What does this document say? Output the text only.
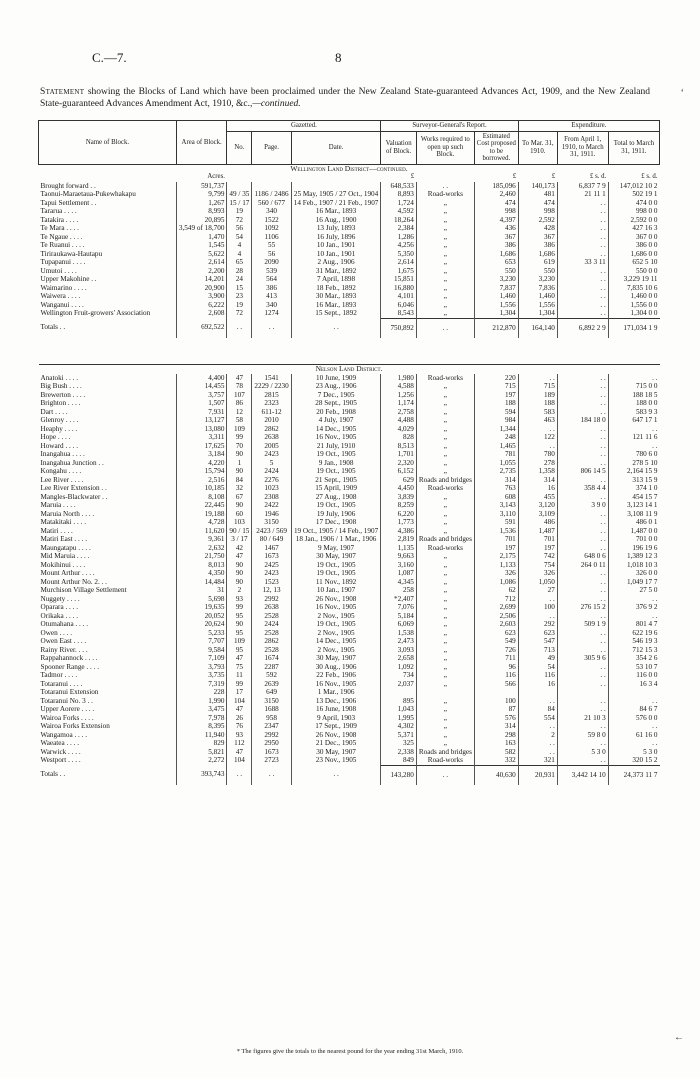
C.—7.	8
‘
Statement showing the Blocks of Land which have been proclaimed under the New Zealand State-guaranteed Advances Act, 1909, and the New Zealand State-guaranteed Advances Amendment Act, 1910, &c.,—continued.
Name of Block.	Area of Block.	Gazetted.			Surveyor-General's Report.			Expenditure.		
		No.	Page.	Date.	Valuation of Block.	Works required to open up such Block.	Estimated Cost proposed to be borrowed.	To Mar. 31, 1910.	From April 1, 1910, to March 31, 1911.	Total to March 31, 1911.
Wellington Land District—continued.										
	Acres.				£		£	£	£ s. d.	£ s. d.
Brought forward . .	591,737				648,533	. .	185,096	140,173	6,837 7 9	147,012 10 2
Taonui-Maraetaua-Pukewhakapu	9,799	49 / 35	1186 / 2486	25 May, 1905 / 27 Oct., 1904	8,893	Road-works	2,460	481	21 11 1	502 19 1
Tapui Settlement . .	1,267	15 / 17	560 / 677	14 Feb., 1907 / 21 Feb., 1907	1,724	„	474	474	. .	474 0 0
Tararua . . . .	8,993	19	340	16 Mar., 1893	4,592	„	998	998	. .	998 0 0
Tatakira . . . .	20,895	72	1522	16 Aug., 1900	18,264	„	4,397	2,592	. .	2,592 0 0
Te Mara . . . .	3,549 of 18,700	56	1092	13 July, 1893	2,384	„	436	428	. .	427 16 3
Te Ngaue . . . .	1,470	54	1106	16 July, 1896	1,286	„	367	367	. .	367 0 0
Te Ruanui . . . .	1,545	4	55	10 Jan., 1901	4,256	„	386	386	. .	386 0 0
Tiriraukawa-Hautapu	5,622	4	56	10 Jan., 1901	5,350	„	1,686	1,686	. .	1,686 0 0
Tupapanui . . . .	2,614	65	2090	2 Aug., 1906	2,614	„	653	619	33 3 11	652 5 10
Umutoi . . . .	2,200	28	539	31 Mar., 1892	1,675	„	550	550	. .	550 0 0
Upper Makohine . .	14,201	24	564	7 April, 1898	15,851	„	3,230	3,230	. .	3,229 19 11
Waimarino . . . .	20,900	15	386	18 Feb., 1892	16,880	„	7,837	7,836	. .	7,835 10 6
Waiwera . . . .	3,900	23	413	30 Mar., 1893	4,101	„	1,460	1,460	. .	1,460 0 0
Wanganui . . . .	6,222	19	340	16 Mar., 1893	6,046	„	1,556	1,556	. .	1,556 0 0
Wellington Fruit-growers' Association	2,608	72	1274	15 Sept., 1892	8,543	„	1,304	1,304	. .	1,304 0 0
Totals . .	692,522	. .	. .	. .	750,892	. .	212,870	164,140	6,892 2 9	171,034 1 9

Nelson Land District.										
Anatoki . . . .	4,400	47	1541	10 June, 1909	1,980	Road-works	220	. .	. .	. .
Big Bush . . . .	14,455	78	2229 / 2230	23 Aug., 1906	4,588	„	715	715	. .	715 0 0
Brewerton . . . .	3,757	107	2815	7 Dec., 1905	1,256	„	197	189	. .	188 18 5
Brighton . . . .	1,507	86	2323	28 Sept., 1905	1,174	„	188	188	. .	188 0 0
Dart . . . .	7,931	12	611-12	20 Feb., 1908	2,758	„	594	583	. .	583 9 3
Glenroy . . . .	13,127	58	2010	4 July, 1907	4,488	„	984	463	184 18 0	647 17 1
Heaphy . . . .	13,080	109	2862	14 Dec., 1905	4,029	„	1,344	. .	. .	. .
Hope . . . .	3,311	99	2638	16 Nov., 1905	828	„	248	122	. .	121 11 6
Howard . . . .	17,625	70	2005	21 July, 1910	8,513	„	1,465	. .	. .	. .
Inangahua . . . .	3,184	90	2423	19 Oct., 1905	1,701	„	781	780	. .	780 6 0
Inangahua Junction . .	4,220	1	5	9 Jan., 1908	2,320	„	1,055	278	. .	278 5 10
Kongahu . . . .	15,794	90	2424	19 Oct., 1905	6,152	„	2,735	1,358	806 14 5	2,164 15 9
Lee River . . . .	2,516	84	2276	21 Sept., 1905	629	Roads and bridges	314	314	. .	313 15 9
Lee River Extension . .	10,185	32	1023	15 April, 1909	4,450	Road-works	763	16	358 4 4	374 1 0
Mangles-Blackwater . .	8,108	67	2308	27 Aug., 1908	3,839	„	608	455	. .	454 15 7
Maruia . . . .	22,445	90	2422	19 Oct., 1905	8,259	„	3,143	3,120	3 9 0	3,123 14 1
Maruia North . . . .	19,188	60	1946	19 July, 1906	6,220	„	3,110	3,109	. .	3,108 11 9
Matakitaki . . . .	4,728	103	3150	17 Dec., 1908	1,773	„	591	486	. .	486 0 1
Matiri . . . .	11,620	90 / 15	2423 / 569	19 Oct., 1905 / 14 Feb., 1907	4,386	„	1,536	1,487	. .	1,487 0 0
Matiri East . . . .	9,361	3 / 17	80 / 649	18 Jan., 1906 / 1 Mar., 1906	2,819	Roads and bridges	701	701	. .	701 0 0
Maungatapu . . . .	2,632	42	1467	9 May, 1907	1,135	Road-works	197	197	. .	196 19 6
Mid Maruia . . . .	21,750	47	1673	30 May, 1907	9,663	„	2,175	742	648 0 6	1,389 12 3
Mokihinui . . . .	8,013	90	2425	19 Oct., 1905	3,160	„	1,133	754	264 0 11	1,018 10 3
Mount Arthur . . . .	4,350	90	2423	19 Oct., 1905	1,087	„	326	326	. .	326 0 0
Mount Arthur No. 2. . .	14,484	90	1523	11 Nov., 1892	4,345	„	1,086	1,050	. .	1,049 17 7
Murchison Village Settlement	31	2	12, 13	10 Jan., 1907	258	„	62	27	. .	27 5 0
Nuggety . . . .	5,698	93	2992	26 Nov., 1908	*2,407	„	712	. .	. .	. .
Oparara . . . .	19,635	99	2638	16 Nov., 1905	7,076	„	2,699	100	276 15 2	376 9 2
Orikaka . . . .	20,052	95	2528	2 Nov., 1905	5,184	„	2,506	. .	. .	. .
Otumahana . . . .	20,624	90	2424	19 Oct., 1905	6,069	„	2,603	292	509 1 9	801 4 7
Owen . . . .	5,233	95	2528	2 Nov., 1905	1,538	„	623	623	. .	622 19 6
Owen East . . . .	7,707	109	2862	14 Dec., 1905	2,473	„	549	547	. .	546 19 3
Rainy River. . . .	9,584	95	2528	2 Nov., 1905	3,093	„	726	713	. .	712 15 3
Rappahannock . . . .	7,109	47	1674	30 May, 1907	2,658	„	711	49	305 9 6	354 2 6
Spooner Range . . . .	3,793	75	2287	30 Aug., 1906	1,092	„	96	54	. .	53 10 7
Tadmor . . . .	3,735	11	592	22 Feb., 1906	734	„	116	116	. .	116 0 0
Totaranui . . . .	7,319	99	2639	16 Nov., 1905	2,037	„	566	16	. .	16 3 4
Totaranui Extension	228	17	649	1 Mar., 1906						
Totaranui No. 3 . .	1,990	104	3150	13 Dec., 1906	895	„	100	. .	. .	. .
Upper Aorere . . . .	3,475	47	1688	16 June, 1908	1,043	„	87	84	. .	84 6 7
Wairoa Forks . . . .	7,978	26	958	9 April, 1903	1,995	„	576	554	21 10 3	576 0 0
Wairoa Forks Extension	8,395	76	2347	17 Sept., 1909	4,302	„	314	. .	. .	. .
Wangamoa . . . .	11,940	93	2992	26 Nov., 1908	5,371	„	298	2	59 8 0	61 16 0
Waeatea . . . .	829	112	2950	21 Dec., 1905	325	„	163	. .	. .	. .
Warwick . . . .	5,821	47	1673	30 May, 1907	2,338	Roads and bridges	582	. .	5 3 0	5 3 0
Westport . . . .	2,272	104	2723	23 Nov., 1905	849	Road-works	332	321	. .	320 15 2
Totals . .	393,743	. .	. .	. .	143,280	. .	40,630	20,931	3,442 14 10	24,373 11 7
←
* The figures give the totals to the nearest pound for the year ending 31st March, 1910.
